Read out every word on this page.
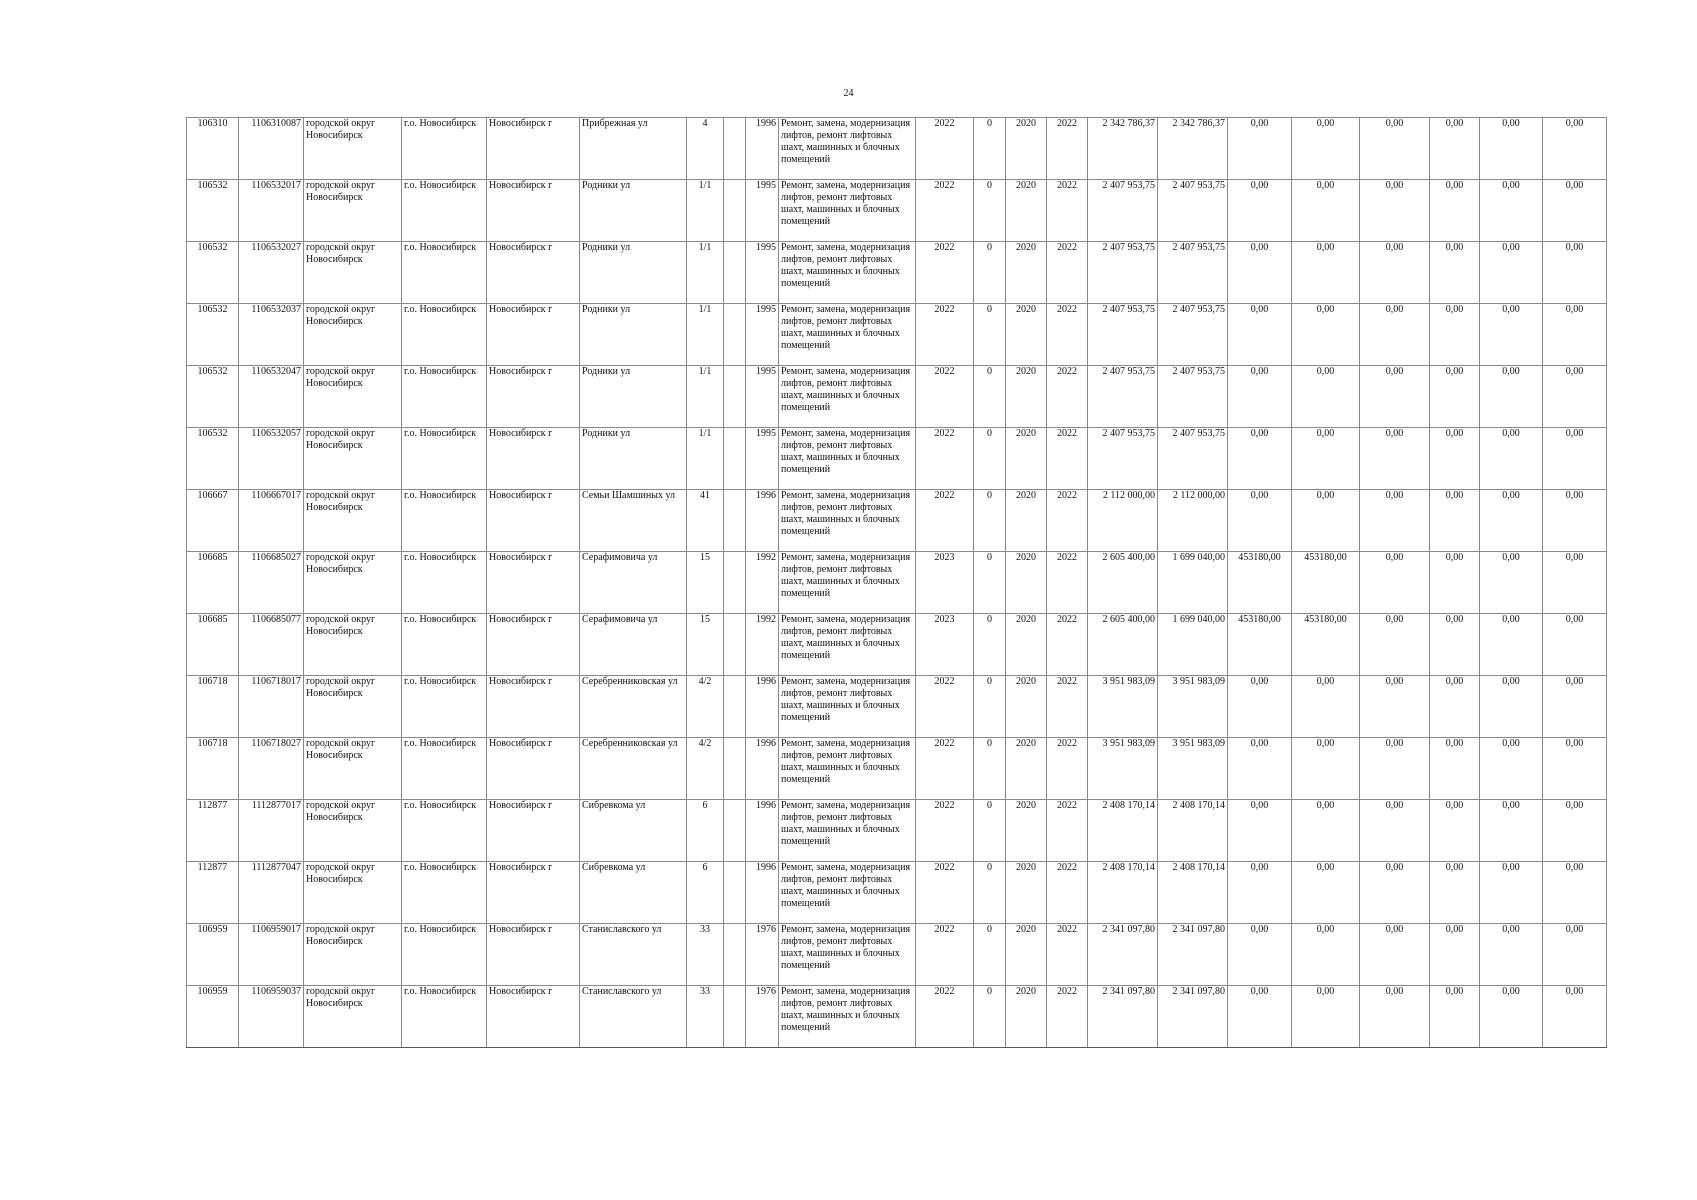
24
106310	1106310087	городской округ Новосибирск	г.о. Новосибирск	Новосибирск г	Прибрежная ул	4		1996	Ремонт, замена, модернизация лифтов, ремонт лифтовых шахт, машинных и блочных помещений	2022	0	2020	2022	2 342 786,37	2 342 786,37	0,00	0,00	0,00	0,00	0,00	0,00
106532	1106532017	городской округ Новосибирск	г.о. Новосибирск	Новосибирск г	Родники ул	1/1		1995	Ремонт, замена, модернизация лифтов, ремонт лифтовых шахт, машинных и блочных помещений	2022	0	2020	2022	2 407 953,75	2 407 953,75	0,00	0,00	0,00	0,00	0,00	0,00
106532	1106532027	городской округ Новосибирск	г.о. Новосибирск	Новосибирск г	Родники ул	1/1		1995	Ремонт, замена, модернизация лифтов, ремонт лифтовых шахт, машинных и блочных помещений	2022	0	2020	2022	2 407 953,75	2 407 953,75	0,00	0,00	0,00	0,00	0,00	0,00
106532	1106532037	городской округ Новосибирск	г.о. Новосибирск	Новосибирск г	Родники ул	1/1		1995	Ремонт, замена, модернизация лифтов, ремонт лифтовых шахт, машинных и блочных помещений	2022	0	2020	2022	2 407 953,75	2 407 953,75	0,00	0,00	0,00	0,00	0,00	0,00
106532	1106532047	городской округ Новосибирск	г.о. Новосибирск	Новосибирск г	Родники ул	1/1		1995	Ремонт, замена, модернизация лифтов, ремонт лифтовых шахт, машинных и блочных помещений	2022	0	2020	2022	2 407 953,75	2 407 953,75	0,00	0,00	0,00	0,00	0,00	0,00
106532	1106532057	городской округ Новосибирск	г.о. Новосибирск	Новосибирск г	Родники ул	1/1		1995	Ремонт, замена, модернизация лифтов, ремонт лифтовых шахт, машинных и блочных помещений	2022	0	2020	2022	2 407 953,75	2 407 953,75	0,00	0,00	0,00	0,00	0,00	0,00
106667	1106667017	городской округ Новосибирск	г.о. Новосибирск	Новосибирск г	Семьи Шамшиных ул	41		1996	Ремонт, замена, модернизация лифтов, ремонт лифтовых шахт, машинных и блочных помещений	2022	0	2020	2022	2 112 000,00	2 112 000,00	0,00	0,00	0,00	0,00	0,00	0,00
106685	1106685027	городской округ Новосибирск	г.о. Новосибирск	Новосибирск г	Серафимовича ул	15		1992	Ремонт, замена, модернизация лифтов, ремонт лифтовых шахт, машинных и блочных помещений	2023	0	2020	2022	2 605 400,00	1 699 040,00	453180,00	453180,00	0,00	0,00	0,00	0,00
106685	1106685077	городской округ Новосибирск	г.о. Новосибирск	Новосибирск г	Серафимовича ул	15		1992	Ремонт, замена, модернизация лифтов, ремонт лифтовых шахт, машинных и блочных помещений	2023	0	2020	2022	2 605 400,00	1 699 040,00	453180,00	453180,00	0,00	0,00	0,00	0,00
106718	1106718017	городской округ Новосибирск	г.о. Новосибирск	Новосибирск г	Серебренниковская ул	4/2		1996	Ремонт, замена, модернизация лифтов, ремонт лифтовых шахт, машинных и блочных помещений	2022	0	2020	2022	3 951 983,09	3 951 983,09	0,00	0,00	0,00	0,00	0,00	0,00
106718	1106718027	городской округ Новосибирск	г.о. Новосибирск	Новосибирск г	Серебренниковская ул	4/2		1996	Ремонт, замена, модернизация лифтов, ремонт лифтовых шахт, машинных и блочных помещений	2022	0	2020	2022	3 951 983,09	3 951 983,09	0,00	0,00	0,00	0,00	0,00	0,00
112877	1112877017	городской округ Новосибирск	г.о. Новосибирск	Новосибирск г	Сибревкома ул	6		1996	Ремонт, замена, модернизация лифтов, ремонт лифтовых шахт, машинных и блочных помещений	2022	0	2020	2022	2 408 170,14	2 408 170,14	0,00	0,00	0,00	0,00	0,00	0,00
112877	1112877047	городской округ Новосибирск	г.о. Новосибирск	Новосибирск г	Сибревкома ул	6		1996	Ремонт, замена, модернизация лифтов, ремонт лифтовых шахт, машинных и блочных помещений	2022	0	2020	2022	2 408 170,14	2 408 170,14	0,00	0,00	0,00	0,00	0,00	0,00
106959	1106959017	городской округ Новосибирск	г.о. Новосибирск	Новосибирск г	Станиславского ул	33		1976	Ремонт, замена, модернизация лифтов, ремонт лифтовых шахт, машинных и блочных помещений	2022	0	2020	2022	2 341 097,80	2 341 097,80	0,00	0,00	0,00	0,00	0,00	0,00
106959	1106959037	городской округ Новосибирск	г.о. Новосибирск	Новосибирск г	Станиславского ул	33		1976	Ремонт, замена, модернизация лифтов, ремонт лифтовых шахт, машинных и блочных помещений	2022	0	2020	2022	2 341 097,80	2 341 097,80	0,00	0,00	0,00	0,00	0,00	0,00
